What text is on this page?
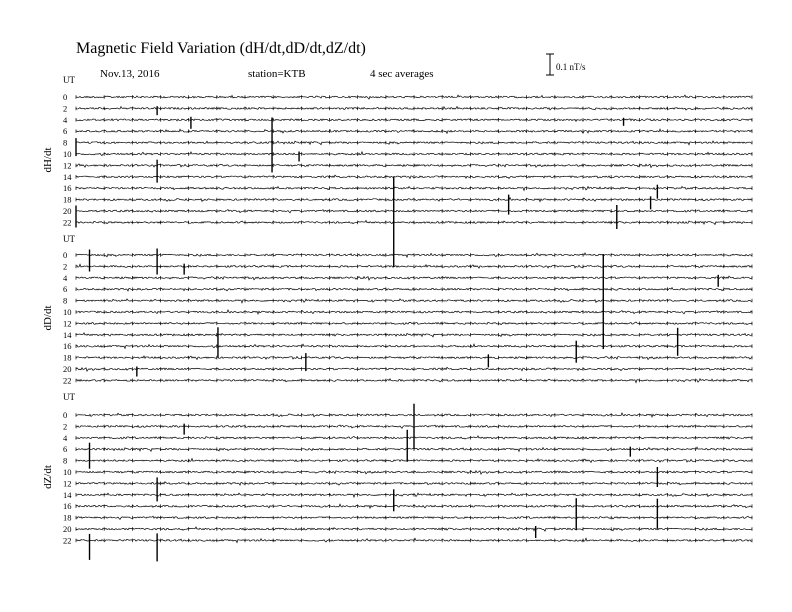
Magnetic Field Variation (dH/dt,dD/dt,dZ/dt)
Nov.13, 2016	station=KTB	4 sec averages
0.1 nT/s
UT
dH/dt
0
2
4
6
8
10
12
14
16
18
20
22
UT
dD/dt
0
2
4
6
8
10
12
14
16
18
20
22
UT
dZ/dt
0
2
4
6
8
10
12
14
16
18
20
22
